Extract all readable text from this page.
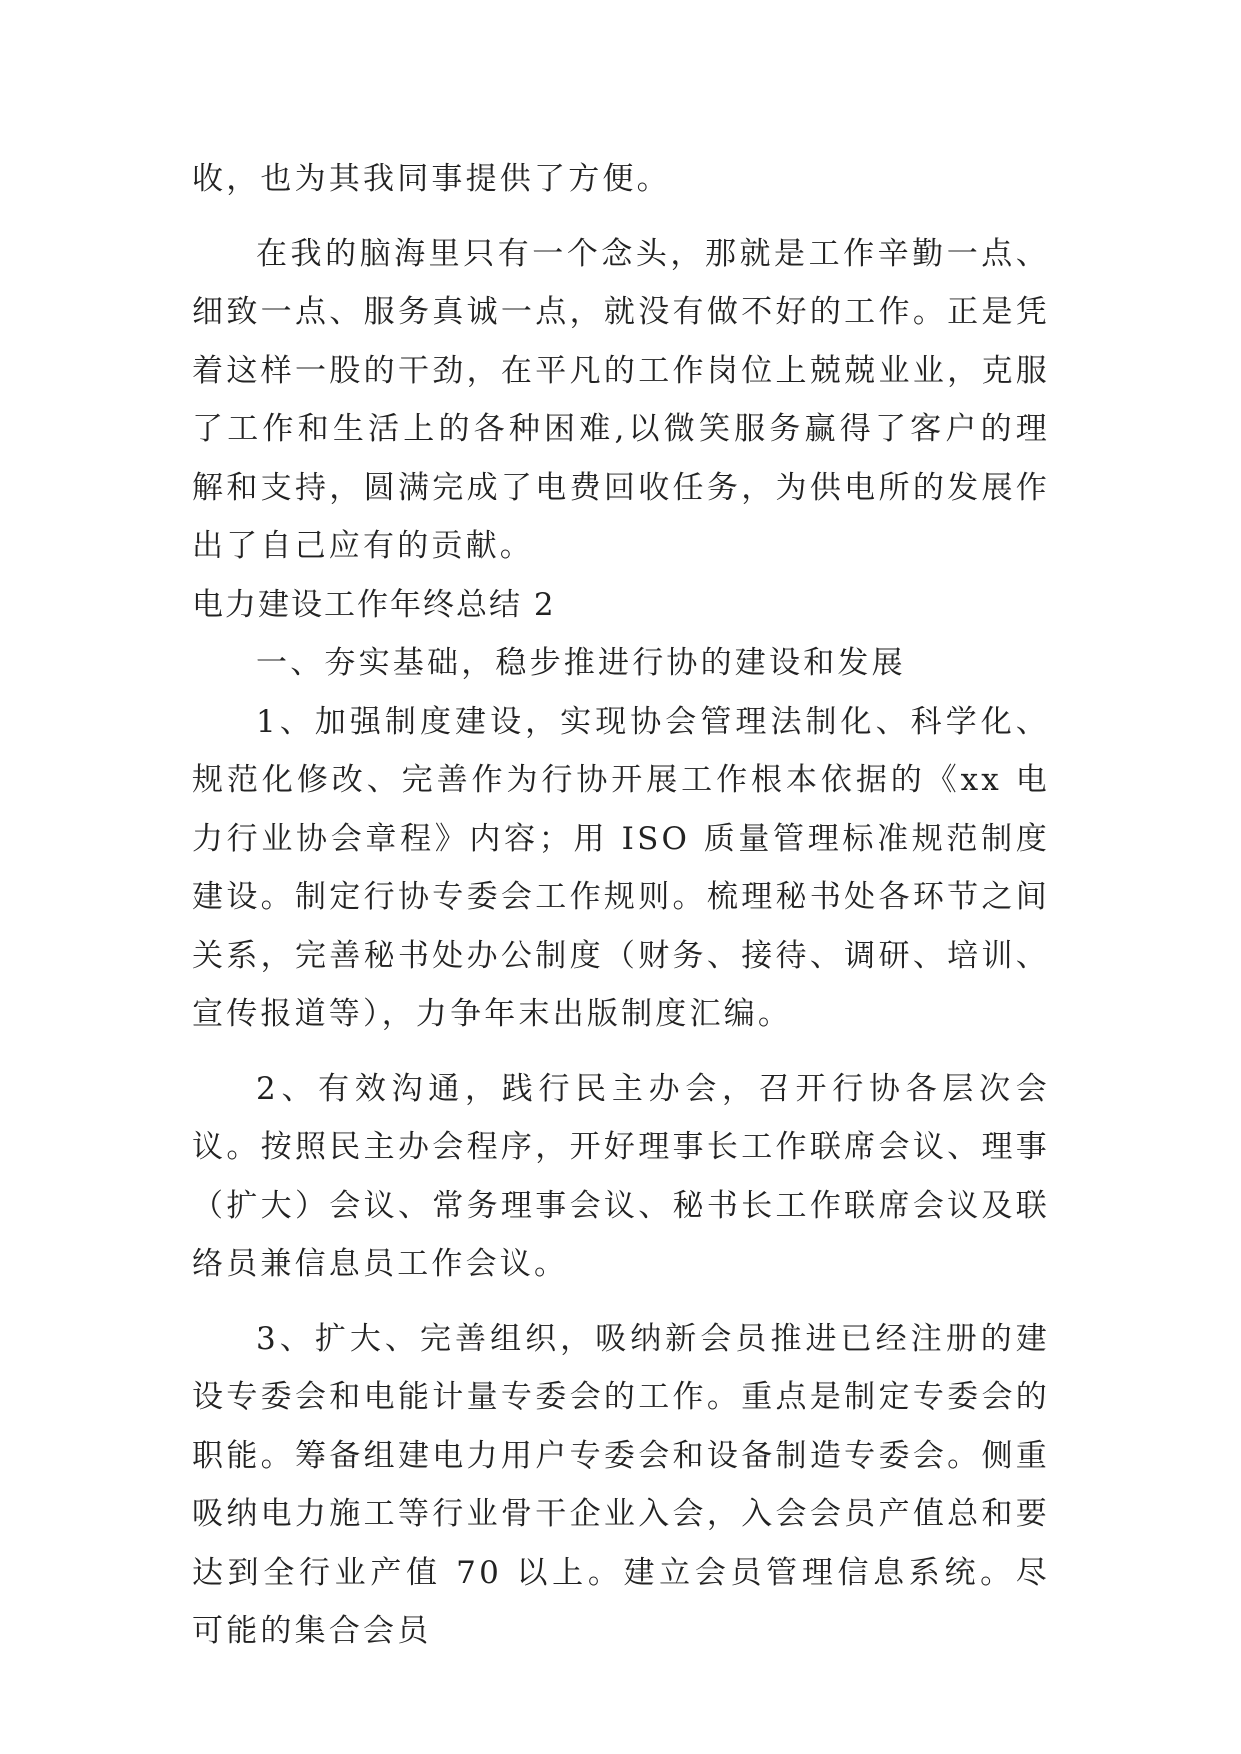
收，也为其我同事提供了方便。

在我的脑海里只有一个念头，那就是工作辛勤一点、细致一点、服务真诚一点，就没有做不好的工作。正是凭着这样一股的干劲，在平凡的工作岗位上兢兢业业，克服了工作和生活上的各种困难,以微笑服务赢得了客户的理解和支持，圆满完成了电费回收任务，为供电所的发展作出了自己应有的贡献。

电力建设工作年终总结 2

一、夯实基础，稳步推进行协的建设和发展

1、加强制度建设，实现协会管理法制化、科学化、规范化修改、完善作为行协开展工作根本依据的《xx 电力行业协会章程》内容；用 ISO 质量管理标准规范制度建设。制定行协专委会工作规则。梳理秘书处各环节之间关系，完善秘书处办公制度（财务、接待、调研、培训、宣传报道等），力争年末出版制度汇编。

2、有效沟通，践行民主办会，召开行协各层次会议。按照民主办会程序，开好理事长工作联席会议、理事（扩大）会议、常务理事会议、秘书长工作联席会议及联络员兼信息员工作会议。

3、扩大、完善组织，吸纳新会员推进已经注册的建设专委会和电能计量专委会的工作。重点是制定专委会的职能。筹备组建电力用户专委会和设备制造专委会。侧重吸纳电力施工等行业骨干企业入会，入会会员产值总和要达到全行业产值 70 以上。建立会员管理信息系统。尽可能的集合会员
